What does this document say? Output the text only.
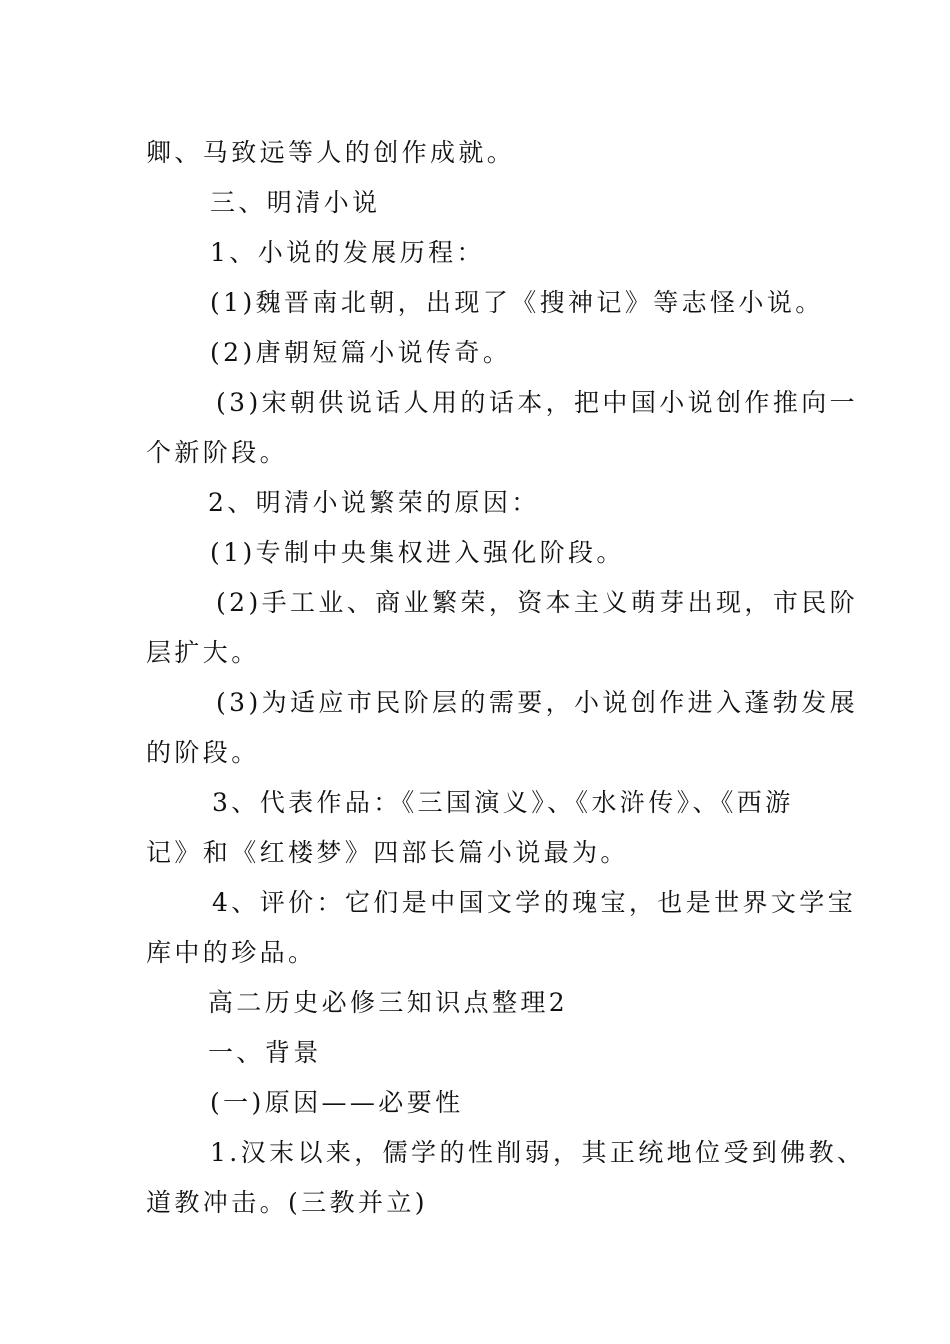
卿、马致远等人的创作成就。
三、明清小说
1、小说的发展历程：
(1)魏晋南北朝，出现了《搜神记》等志怪小说。
(2)唐朝短篇小说传奇。
(3)宋朝供说话人用的话本，把中国小说创作推向一
个新阶段。
2、明清小说繁荣的原因：
(1)专制中央集权进入强化阶段。
(2)手工业、商业繁荣，资本主义萌芽出现，市民阶
层扩大。
(3)为适应市民阶层的需要，小说创作进入蓬勃发展
的阶段。
3、代表作品：《三国演义》、《水浒传》、《西游
记》和《红楼梦》四部长篇小说最为。
4、评价：它们是中国文学的瑰宝，也是世界文学宝
库中的珍品。
高二历史必修三知识点整理2
一、背景
(一)原因——必要性
1.汉末以来，儒学的性削弱，其正统地位受到佛教、
道教冲击。(三教并立)
